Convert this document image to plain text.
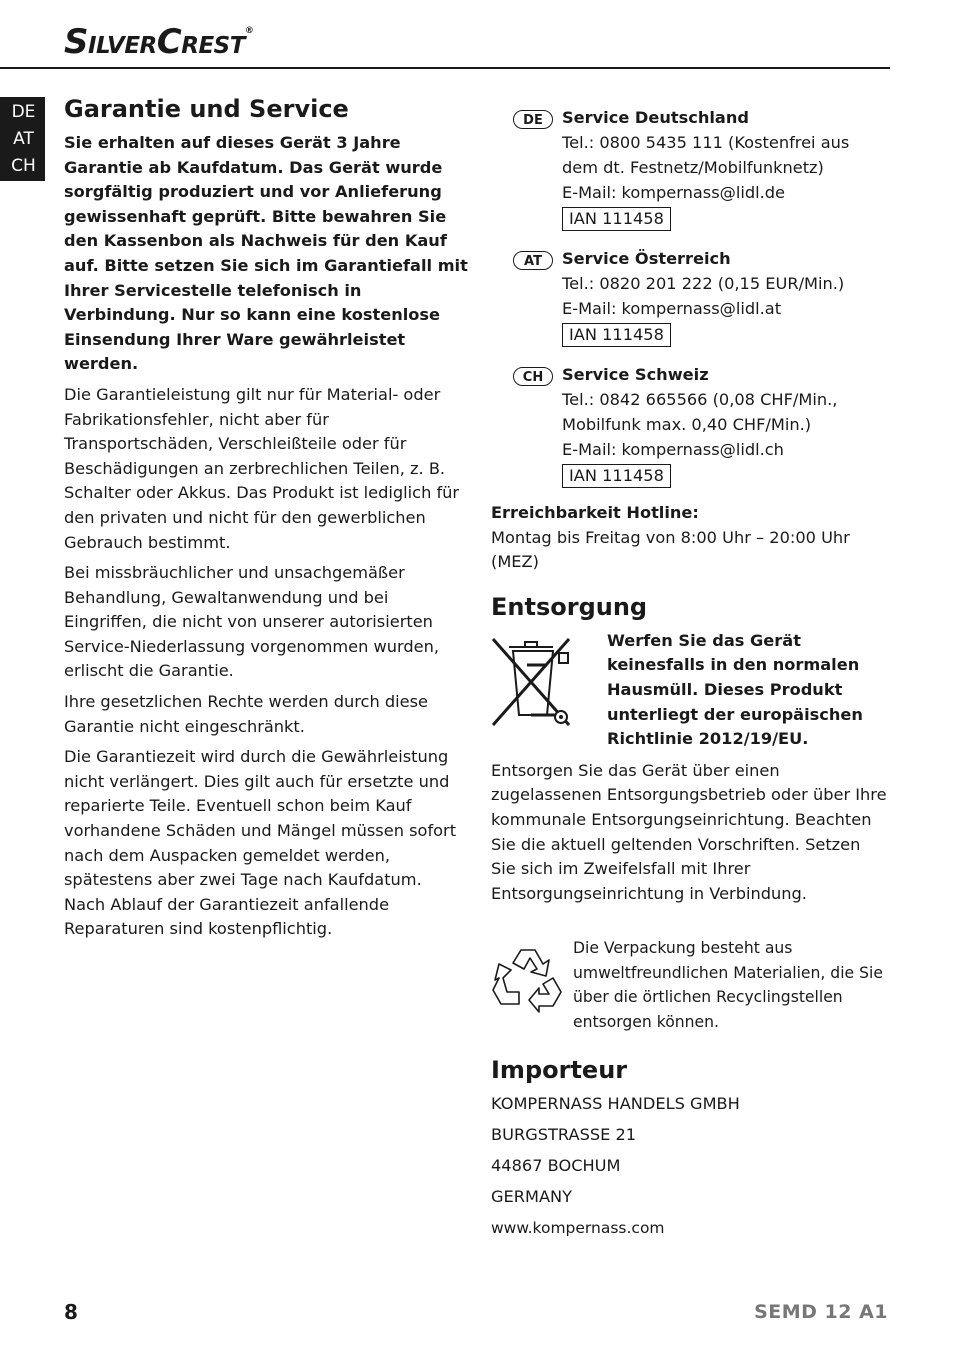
SILVERCREST®
DE
AT
CH
Garantie und Service

Sie erhalten auf dieses Gerät 3 Jahre Garantie ab Kaufdatum. Das Gerät wurde sorgfältig produziert und vor Anlieferung gewissenhaft geprüft. Bitte bewahren Sie den Kassenbon als Nachweis für den Kauf auf. Bitte setzen Sie sich im Garantiefall mit Ihrer Servicestelle telefonisch in Verbindung. Nur so kann eine kostenlose Einsendung Ihrer Ware gewährleistet werden.

Die Garantieleistung gilt nur für Material- oder Fabrikationsfehler, nicht aber für Transportschäden, Verschleißteile oder für Beschädigungen an zerbrechlichen Teilen, z. B. Schalter oder Akkus. Das Produkt ist lediglich für den privaten und nicht für den gewerblichen Gebrauch bestimmt.

Bei missbräuchlicher und unsachgemäßer Behandlung, Gewaltanwendung und bei Eingriffen, die nicht von unserer autorisierten Service-Niederlassung vorgenommen wurden, erlischt die Garantie.

Ihre gesetzlichen Rechte werden durch diese Garantie nicht eingeschränkt.

Die Garantiezeit wird durch die Gewährleistung nicht verlängert. Dies gilt auch für ersetzte und reparierte Teile. Eventuell schon beim Kauf vorhandene Schäden und Mängel müssen sofort nach dem Auspacken gemeldet werden, spätestens aber zwei Tage nach Kaufdatum. Nach Ablauf der Garantiezeit anfallende Reparaturen sind kostenpflichtig.

DE	Service Deutschland
Tel.: 0800 5435 111 (Kostenfrei aus
dem dt. Festnetz/Mobilfunknetz)
E-Mail: kompernass@lidl.de
IAN 111458
AT	Service Österreich
Tel.: 0820 201 222 (0,15 EUR/Min.)
E-Mail: kompernass@lidl.at
IAN 111458
CH	Service Schweiz
Tel.: 0842 665566 (0,08 CHF/Min.,
Mobilfunk max. 0,40 CHF/Min.)
E-Mail: kompernass@lidl.ch
IAN 111458

Erreichbarkeit Hotline:
Montag bis Freitag von 8:00 Uhr – 20:00 Uhr (MEZ)

Entsorgung

Werfen Sie das Gerät keinesfalls in den normalen Hausmüll. Dieses Produkt unterliegt der europäischen Richtlinie 2012/19/EU.

Entsorgen Sie das Gerät über einen zugelassenen Entsorgungsbetrieb oder über Ihre kommunale Entsorgungseinrichtung. Beachten Sie die aktuell geltenden Vorschriften. Setzen Sie sich im Zweifelsfall mit Ihrer Entsorgungseinrichtung in Verbindung.

Die Verpackung besteht aus umweltfreundlichen Materialien, die Sie über die örtlichen Recyclingstellen entsorgen können.

Importeur

KOMPERNASS HANDELS GMBH

BURGSTRASSE 21

44867 BOCHUM

GERMANY

www.kompernass.com

8	SEMD 12 A1
